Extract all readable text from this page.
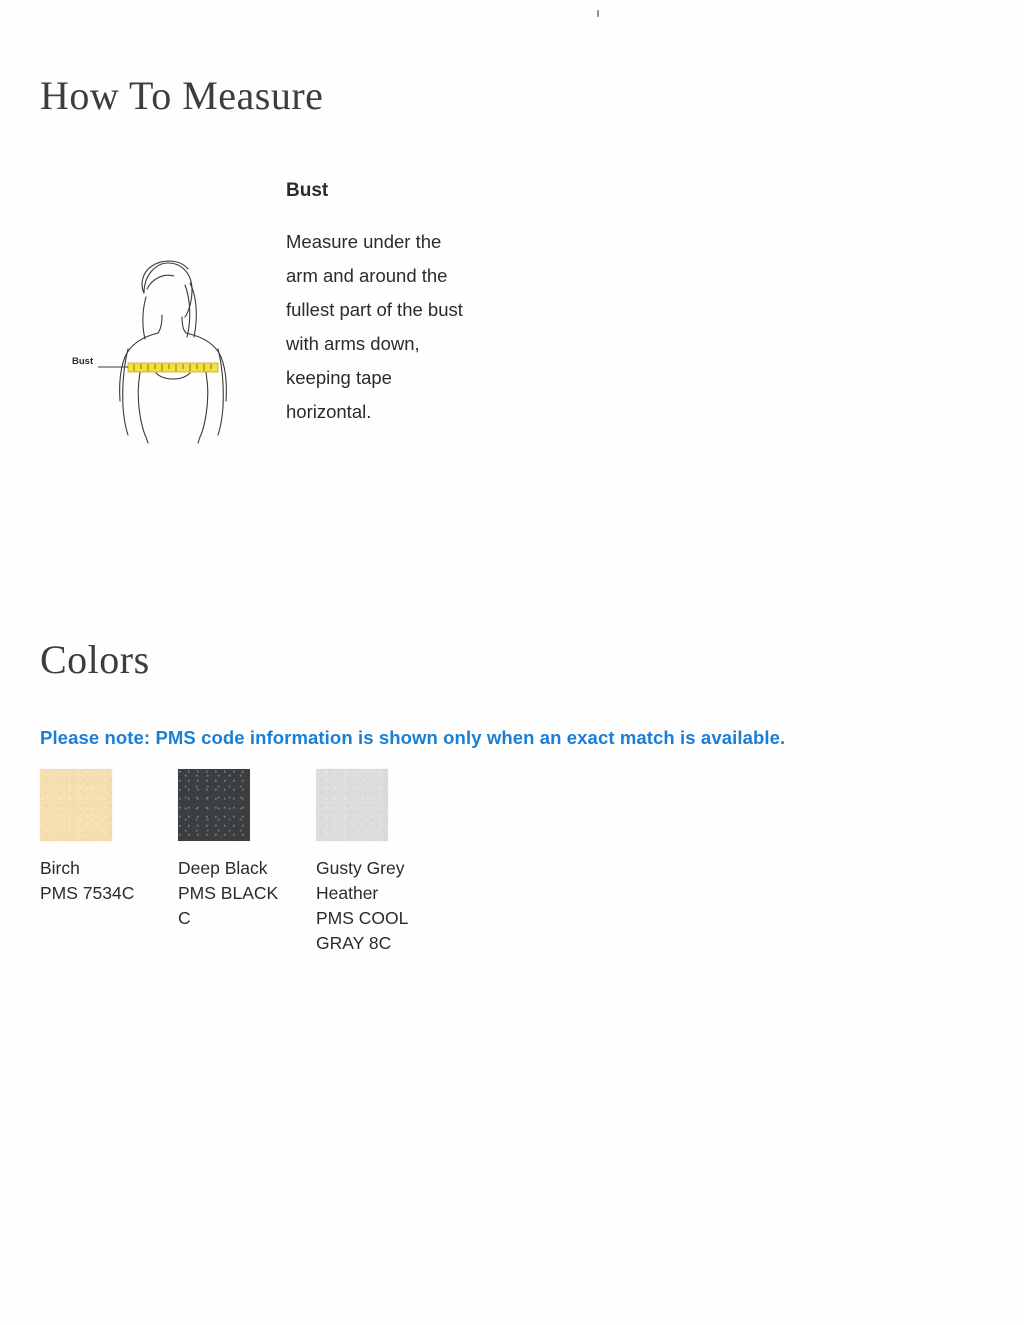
How To Measure
Bust

Bust

Measure under the arm and around the fullest part of the bust with arms down, keeping tape horizontal.

Colors
Please note: PMS code information is shown only when an exact match is available.
Birch
PMS 7534C
Deep Black
PMS BLACK C
Gusty Grey Heather
PMS COOL GRAY 8C
